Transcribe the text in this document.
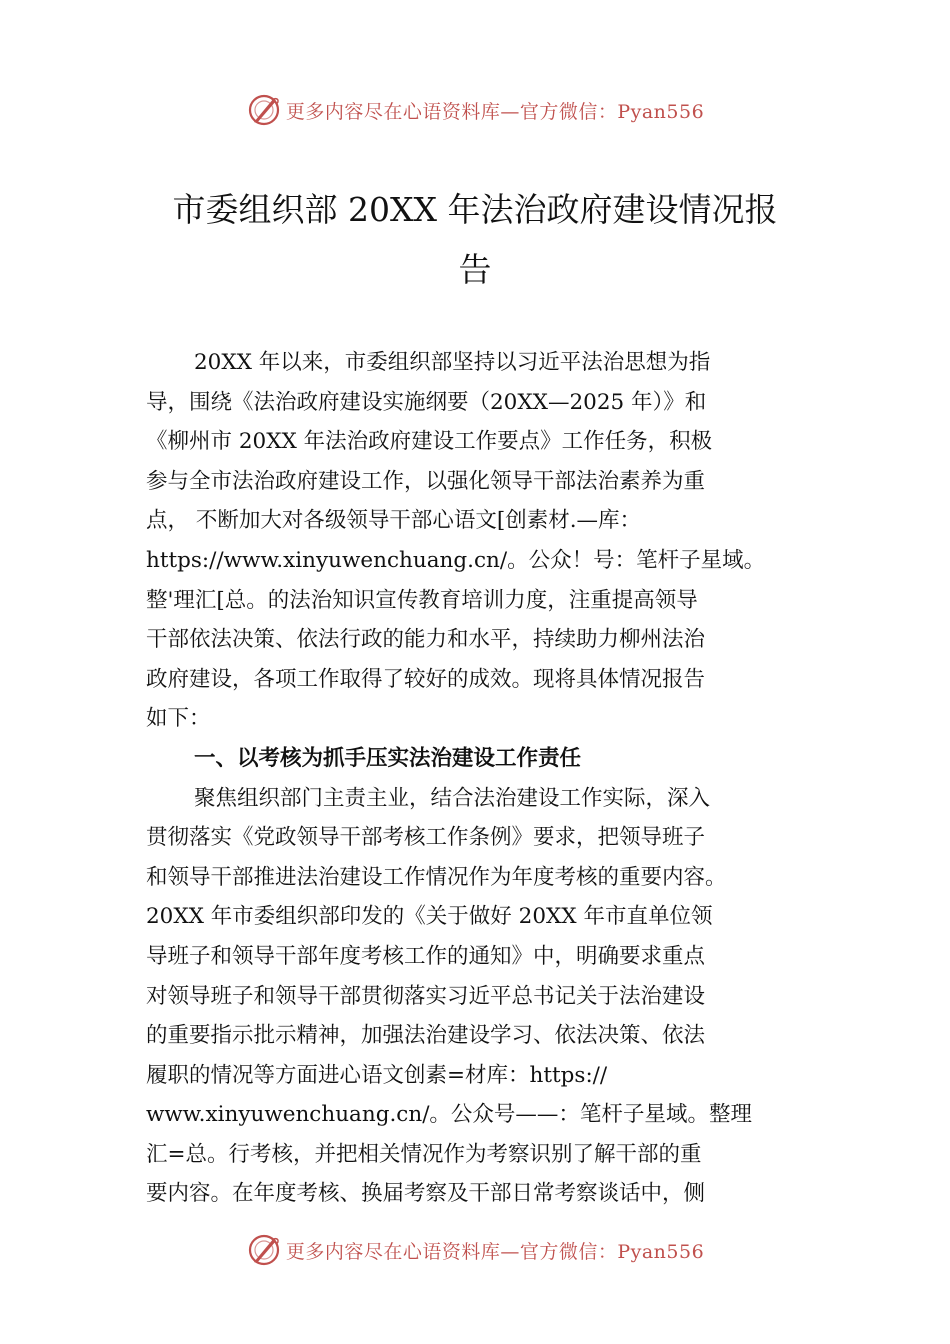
更多内容尽在心语资料库—官方微信：Pyan556
市委组织部 20XX 年法治政府建设情况报
告
20XX 年以来，市委组织部坚持以习近平法治思想为指
导，围绕《法治政府建设实施纲要（20XX—2025 年）》和
《柳州市 20XX 年法治政府建设工作要点》工作任务，积极
参与全市法治政府建设工作，以强化领导干部法治素养为重
点， 不断加大对各级领导干部心语文[创素材.—库：
https://www.xinyuwenchuang.cn/。公众！号：笔杆子星域。
整'理汇[总。的法治知识宣传教育培训力度，注重提高领导
干部依法决策、依法行政的能力和水平，持续助力柳州法治
政府建设，各项工作取得了较好的成效。现将具体情况报告
如下：
一、以考核为抓手压实法治建设工作责任
聚焦组织部门主责主业，结合法治建设工作实际，深入
贯彻落实《党政领导干部考核工作条例》要求，把领导班子
和领导干部推进法治建设工作情况作为年度考核的重要内容。
20XX 年市委组织部印发的《关于做好 20XX 年市直单位领
导班子和领导干部年度考核工作的通知》中，明确要求重点
对领导班子和领导干部贯彻落实习近平总书记关于法治建设
的重要指示批示精神，加强法治建设学习、依法决策、依法
履职的情况等方面进心语文创素=材库：https://
www.xinyuwenchuang.cn/。公众号——：笔杆子星域。整理
汇=总。行考核，并把相关情况作为考察识别了解干部的重
要内容。在年度考核、换届考察及干部日常考察谈话中，侧
更多内容尽在心语资料库—官方微信：Pyan556
